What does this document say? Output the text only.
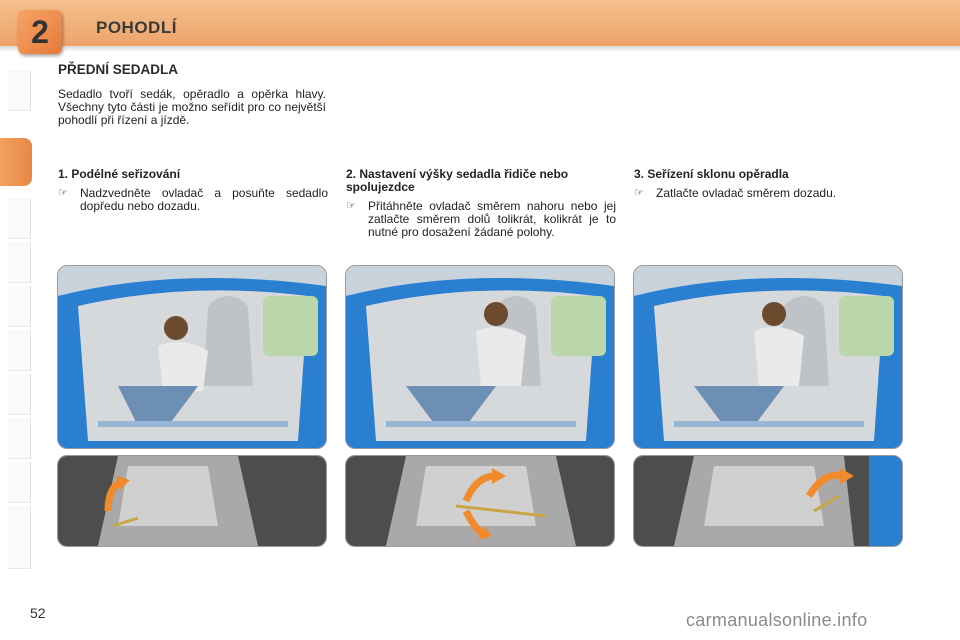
2	POHODLÍ
PŘEDNÍ SEDADLA

Sedadlo tvoří sedák, opěradlo a opěrka hlavy. Všechny tyto části je možno seřídit pro co největší pohodlí při řízení a jízdě.

1. Podélné seřizování
☞	Nadzvedněte ovladač a posuňte sedadlo dopředu nebo dozadu.

2. Nastavení výšky sedadla řidiče nebo spolujezdce
☞	Přitáhněte ovladač směrem nahoru nebo jej zatlačte směrem dolů tolikrát, kolikrát je to nutné pro dosažení žádané polohy.

3. Seřízení sklonu opěradla
☞	Zatlačte ovladač směrem dozadu.

52	carmanualsonline.info
